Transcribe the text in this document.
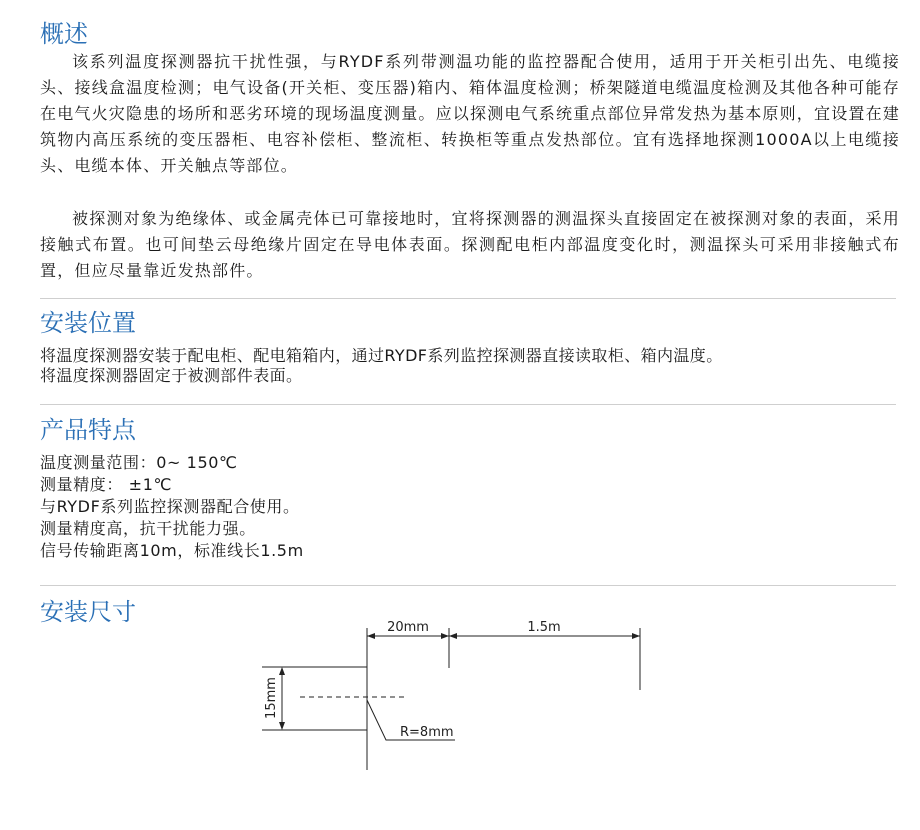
概述
该系列温度探测器抗干扰性强，与RYDF系列带测温功能的监控器配合使用，适用于开关柜引出先、电缆接头、接线盒温度检测；电气设备(开关柜、变压器)箱内、箱体温度检测；桥架隧道电缆温度检测及其他各种可能存在电气火灾隐患的场所和恶劣环境的现场温度测量。应以探测电气系统重点部位异常发热为基本原则，宜设置在建筑物内高压系统的变压器柜、电容补偿柜、整流柜、转换柜等重点发热部位。宜有选择地探测1000A以上电缆接头、电缆本体、开关触点等部位。
被探测对象为绝缘体、或金属壳体已可靠接地时，宜将探测器的测温探头直接固定在被探测对象的表面，采用接触式布置。也可间垫云母绝缘片固定在导电体表面。探测配电柜内部温度变化时，测温探头可采用非接触式布置，但应尽量靠近发热部件。
安装位置
将温度探测器安装于配电柜、配电箱箱内，通过RYDF系列监控探测器直接读取柜、箱内温度。
将温度探测器固定于被测部件表面。
产品特点
温度测量范围：0~ 150℃
测量精度： ±1℃
与RYDF系列监控探测器配合使用。
测量精度高，抗干扰能力强。
信号传输距离10m，标准线长1.5m
安装尺寸
20mm	1.5m
15mm
R=8mm
